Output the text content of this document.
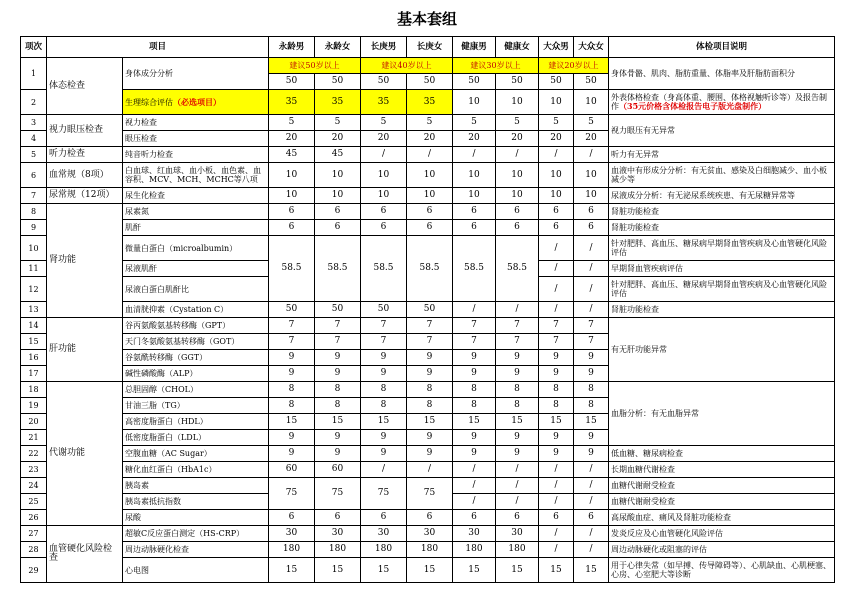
基本套组
项次	项目		永龄男	永龄女	长庚男	长庚女	健康男	健康女	大众男	大众女	体检项目说明
1	体态检查	身体成分分析	建议50岁以上		建议40岁以上		建议30岁以上		建议20岁以上		身体骨骼、肌肉、脂肪重量、体脂率及肝脂肪面积分
			50	50	50	50	50	50	50	50	
2		生理综合评估（必选项目）	35	35	35	35	10	10	10	10	外表体格检查（身高体重、腰围、体格视触听诊等）及报告制作（35元价格含体检报告电子版光盘制作）
3	视力眼压检查	视力检查	5	5	5	5	5	5	5	5	视力眼压有无异常
4		眼压检查	20	20	20	20	20	20	20	20	
5	听力检查	纯音听力检查	45	45	/	/	/	/	/	/	听力有无异常
6	血常规（8项）	白血球、红血球、血小板、血色素、血容积、MCV、MCH、MCHC等八项	10	10	10	10	10	10	10	10	血液中有形成分分析：有无贫血、感染及白细胞减少、血小板减少等
7	尿常规（12项）	尿生化检查	10	10	10	10	10	10	10	10	尿液成分分析：有无泌尿系统疾患、有无尿糖异常等
8	肾功能	尿素氮	6	6	6	6	6	6	6	6	肾脏功能检查
9		肌酐	6	6	6	6	6	6	6	6	肾脏功能检查
10		微量白蛋白（microalbumin）	58.5	58.5	58.5	58.5	58.5	58.5	/	/	针对肥胖、高血压、糖尿病早期肾血管疾病及心血管硬化风险评估
11		尿液肌酐							/	/	早期肾血管疾病评估
12		尿液白蛋白肌酐比							/	/	针对肥胖、高血压、糖尿病早期肾血管疾病及心血管硬化风险评估
13		血清胱抑素（Cystation C）	50	50	50	50	/	/	/	/	肾脏功能检查
14	肝功能	谷丙氨酸氨基转移酶（GPT）	7	7	7	7	7	7	7	7	有无肝功能异常
15		天门冬氨酸氨基转移酶（GOT）	7	7	7	7	7	7	7	7	
16		谷氨酰转移酶（GGT）	9	9	9	9	9	9	9	9	
17		碱性磷酸酶（ALP）	9	9	9	9	9	9	9	9	
18	代谢功能	总胆固醇（CHOL）	8	8	8	8	8	8	8	8	血脂分析：有无血脂异常
19		甘油三脂（TG）	8	8	8	8	8	8	8	8	
20		高密度脂蛋白（HDL）	15	15	15	15	15	15	15	15	
21		低密度脂蛋白（LDL）	9	9	9	9	9	9	9	9	
22		空腹血糖（AC Sugar）	9	9	9	9	9	9	9	9	低血糖、糖尿病检查
23		糖化血红蛋白（HbA1c）	60	60	/	/	/	/	/	/	长期血糖代谢检查
24		胰岛素	75	75	75	75	/	/	/	/	血糖代谢耐受检查
25		胰岛素抵抗指数					/	/	/	/	血糖代谢耐受检查
26		尿酸	6	6	6	6	6	6	6	6	高尿酸血症、痛风及肾脏功能检查
27	血管硬化风险检查	超敏C反应蛋白测定（HS-CRP）	30	30	30	30	30	30	/	/	发炎反应及心血管硬化风险评估
28		周边动脉硬化检查	180	180	180	180	180	180	/	/	周边动脉硬化或阻塞的评估
29		心电图	15	15	15	15	15	15	15	15	用于心律失常（如早搏、传导障碍等）、心肌缺血、心肌梗塞、心房、心室肥大等诊断
